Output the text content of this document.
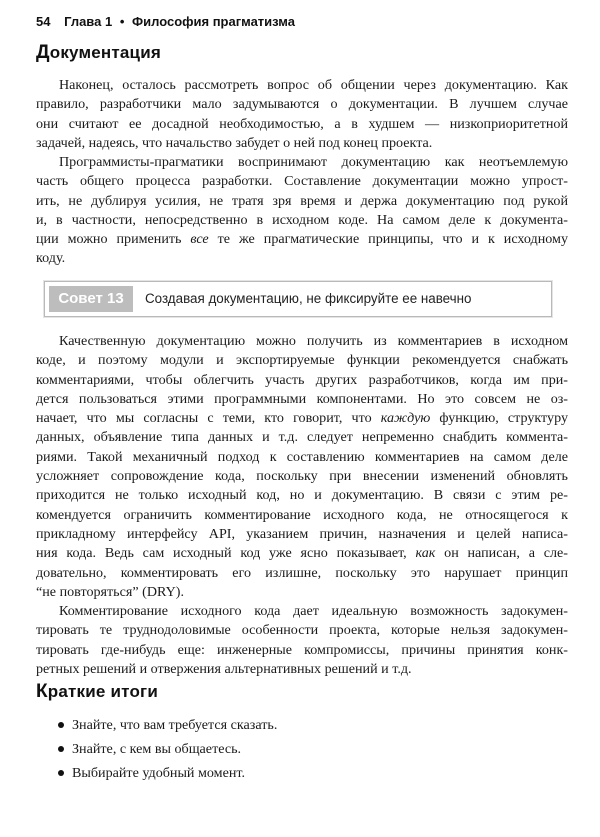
54 Глава 1 • Философия прагматизма
Документация
Наконец, осталось рассмотреть вопрос об общении через документацию. Как
правило, разработчики мало задумываются о документации. В лучшем случае
они считают ее досадной необходимостью, а в худшем — низкоприоритетной
задачей, надеясь, что начальство забудет о ней под конец проекта.
Программисты-прагматики воспринимают документацию как неотъемлемую
часть общего процесса разработки. Составление документации можно упрост-
ить, не дублируя усилия, не тратя зря время и держа документацию под рукой
и, в частности, непосредственно в исходном коде. На самом деле к документа-
ции можно применить все те же прагматические принципы, что и к исходному
коду.
Совет 13	Создавая документацию, не фиксируйте ее навечно
Качественную документацию можно получить из комментариев в исходном
коде, и поэтому модули и экспортируемые функции рекомендуется снабжать
комментариями, чтобы облегчить участь других разработчиков, когда им при-
дется пользоваться этими программными компонентами. Но это совсем не оз-
начает, что мы согласны с теми, кто говорит, что каждую функцию, структуру
данных, объявление типа данных и т.д. следует непременно снабдить коммента-
риями. Такой механичный подход к составлению комментариев на самом деле
усложняет сопровождение кода, поскольку при внесении изменений обновлять
приходится не только исходный код, но и документацию. В связи с этим ре-
комендуется ограничить комментирование исходного кода, не относящегося к
прикладному интерфейсу API, указанием причин, назначения и целей написа-
ния кода. Ведь сам исходный код уже ясно показывает, как он написан, а сле-
довательно, комментировать его излишне, поскольку это нарушает принцип
“не повторяться” (DRY).
Комментирование исходного кода дает идеальную возможность задокумен-
тировать те труднодоловимые особенности проекта, которые нельзя задокумен-
тировать где-нибудь еще: инженерные компромиссы, причины принятия конк-
ретных решений и отвержения альтернативных решений и т.д.
Краткие итоги
Знайте, что вам требуется сказать.
Знайте, с кем вы общаетесь.
Выбирайте удобный момент.
